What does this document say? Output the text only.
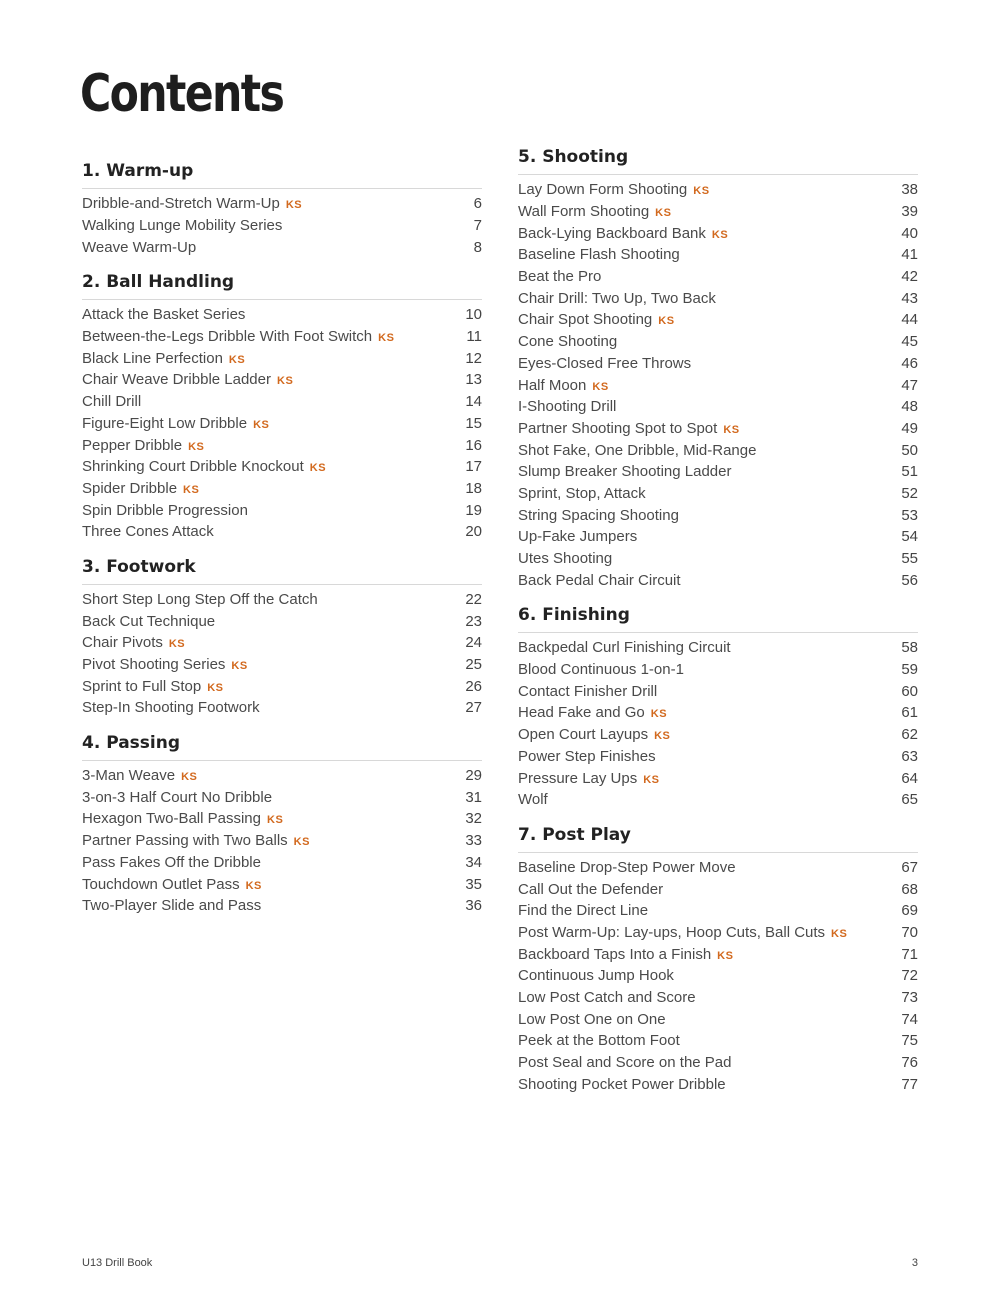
Contents
1. Warm-up
Dribble-and-Stretch Warm-Up KS	6
Walking Lunge Mobility Series	7
Weave Warm-Up	8
2. Ball Handling
Attack the Basket Series	10
Between-the-Legs Dribble With Foot Switch KS	11
Black Line Perfection KS	12
Chair Weave Dribble Ladder KS	13
Chill Drill	14
Figure-Eight Low Dribble KS	15
Pepper Dribble KS	16
Shrinking Court Dribble Knockout KS	17
Spider Dribble KS	18
Spin Dribble Progression	19
Three Cones Attack	20
3. Footwork
Short Step Long Step Off the Catch	22
Back Cut Technique	23
Chair Pivots KS	24
Pivot Shooting Series KS	25
Sprint to Full Stop KS	26
Step-In Shooting Footwork	27
4. Passing
3-Man Weave KS	29
3-on-3 Half Court No Dribble	31
Hexagon Two-Ball Passing KS	32
Partner Passing with Two Balls KS	33
Pass Fakes Off the Dribble	34
Touchdown Outlet Pass KS	35
Two-Player Slide and Pass	36
5. Shooting
Lay Down Form Shooting KS	38
Wall Form Shooting KS	39
Back-Lying Backboard Bank KS	40
Baseline Flash Shooting	41
Beat the Pro	42
Chair Drill: Two Up, Two Back	43
Chair Spot Shooting KS	44
Cone Shooting	45
Eyes-Closed Free Throws	46
Half Moon KS	47
I-Shooting Drill	48
Partner Shooting Spot to Spot KS	49
Shot Fake, One Dribble, Mid-Range	50
Slump Breaker Shooting Ladder	51
Sprint, Stop, Attack	52
String Spacing Shooting	53
Up-Fake Jumpers	54
Utes Shooting	55
Back Pedal Chair Circuit	56
6. Finishing
Backpedal Curl Finishing Circuit	58
Blood Continuous 1-on-1	59
Contact Finisher Drill	60
Head Fake and Go KS	61
Open Court Layups KS	62
Power Step Finishes	63
Pressure Lay Ups KS	64
Wolf	65
7. Post Play
Baseline Drop-Step Power Move	67
Call Out the Defender	68
Find the Direct Line	69
Post Warm-Up: Lay-ups, Hoop Cuts, Ball Cuts KS	70
Backboard Taps Into a Finish KS	71
Continuous Jump Hook	72
Low Post Catch and Score	73
Low Post One on One	74
Peek at the Bottom Foot	75
Post Seal and Score on the Pad	76
Shooting Pocket Power Dribble	77
U13 Drill Book	3
